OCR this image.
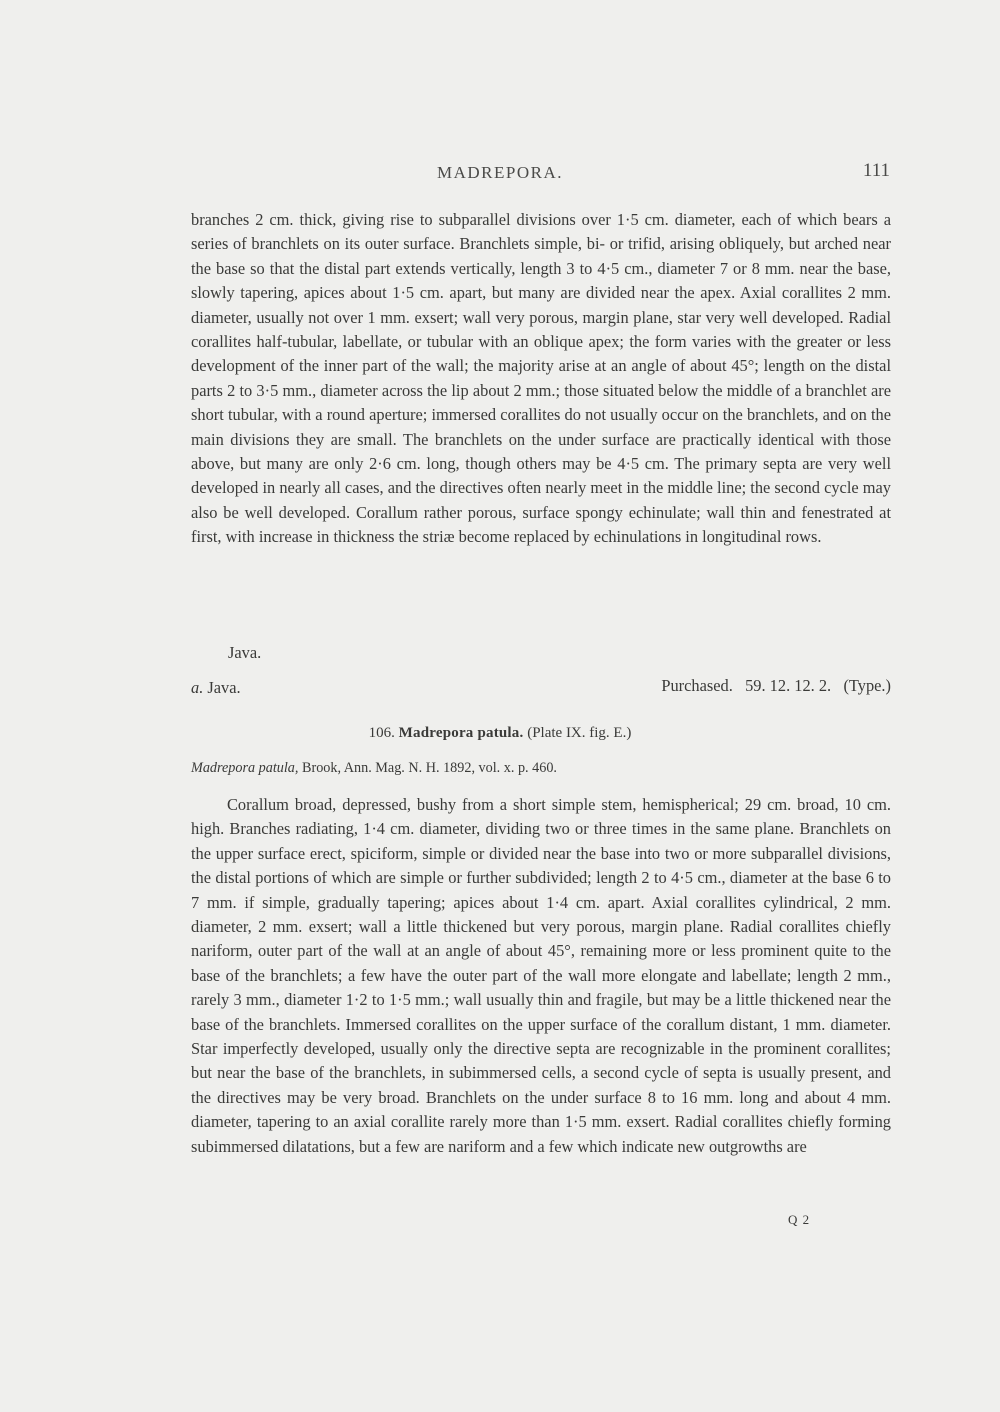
MADREPORA.	111

branches 2 cm. thick, giving rise to subparallel divisions over 1·5 cm. diameter, each of which bears a series of branchlets on its outer surface. Branchlets simple, bi- or trifid, arising obliquely, but arched near the base so that the distal part extends vertically, length 3 to 4·5 cm., diameter 7 or 8 mm. near the base, slowly tapering, apices about 1·5 cm. apart, but many are divided near the apex. Axial corallites 2 mm. diameter, usually not over 1 mm. exsert; wall very porous, margin plane, star very well developed. Radial corallites half-tubular, labellate, or tubular with an oblique apex; the form varies with the greater or less development of the inner part of the wall; the majority arise at an angle of about 45°; length on the distal parts 2 to 3·5 mm., diameter across the lip about 2 mm.; those situated below the middle of a branchlet are short tubular, with a round aperture; immersed corallites do not usually occur on the branchlets, and on the main divisions they are small. The branchlets on the under surface are practically identical with those above, but many are only 2·6 cm. long, though others may be 4·5 cm. The primary septa are very well developed in nearly all cases, and the directives often nearly meet in the middle line; the second cycle may also be well developed. Corallum rather porous, surface spongy echinulate; wall thin and fenestrated at first, with increase in thickness the striæ become replaced by echinulations in longitudinal rows.

Java.
a. Java.	Purchased.   59. 12. 12. 2.   (Type.)
106. Madrepora patula. (Plate IX. fig. E.)
Madrepora patula, Brook, Ann. Mag. N. H. 1892, vol. x. p. 460.

Corallum broad, depressed, bushy from a short simple stem, hemispherical; 29 cm. broad, 10 cm. high. Branches radiating, 1·4 cm. diameter, dividing two or three times in the same plane. Branchlets on the upper surface erect, spiciform, simple or divided near the base into two or more subparallel divisions, the distal portions of which are simple or further subdivided; length 2 to 4·5 cm., diameter at the base 6 to 7 mm. if simple, gradually tapering; apices about 1·4 cm. apart. Axial corallites cylindrical, 2 mm. diameter, 2 mm. exsert; wall a little thickened but very porous, margin plane. Radial corallites chiefly nariform, outer part of the wall at an angle of about 45°, remaining more or less prominent quite to the base of the branchlets; a few have the outer part of the wall more elongate and labellate; length 2 mm., rarely 3 mm., diameter 1·2 to 1·5 mm.; wall usually thin and fragile, but may be a little thickened near the base of the branchlets. Immersed corallites on the upper surface of the corallum distant, 1 mm. diameter. Star imperfectly developed, usually only the directive septa are recognizable in the prominent corallites; but near the base of the branchlets, in subimmersed cells, a second cycle of septa is usually present, and the directives may be very broad. Branchlets on the under surface 8 to 16 mm. long and about 4 mm. diameter, tapering to an axial corallite rarely more than 1·5 mm. exsert. Radial corallites chiefly forming subimmersed dilatations, but a few are nariform and a few which indicate new outgrowths are

Q 2
